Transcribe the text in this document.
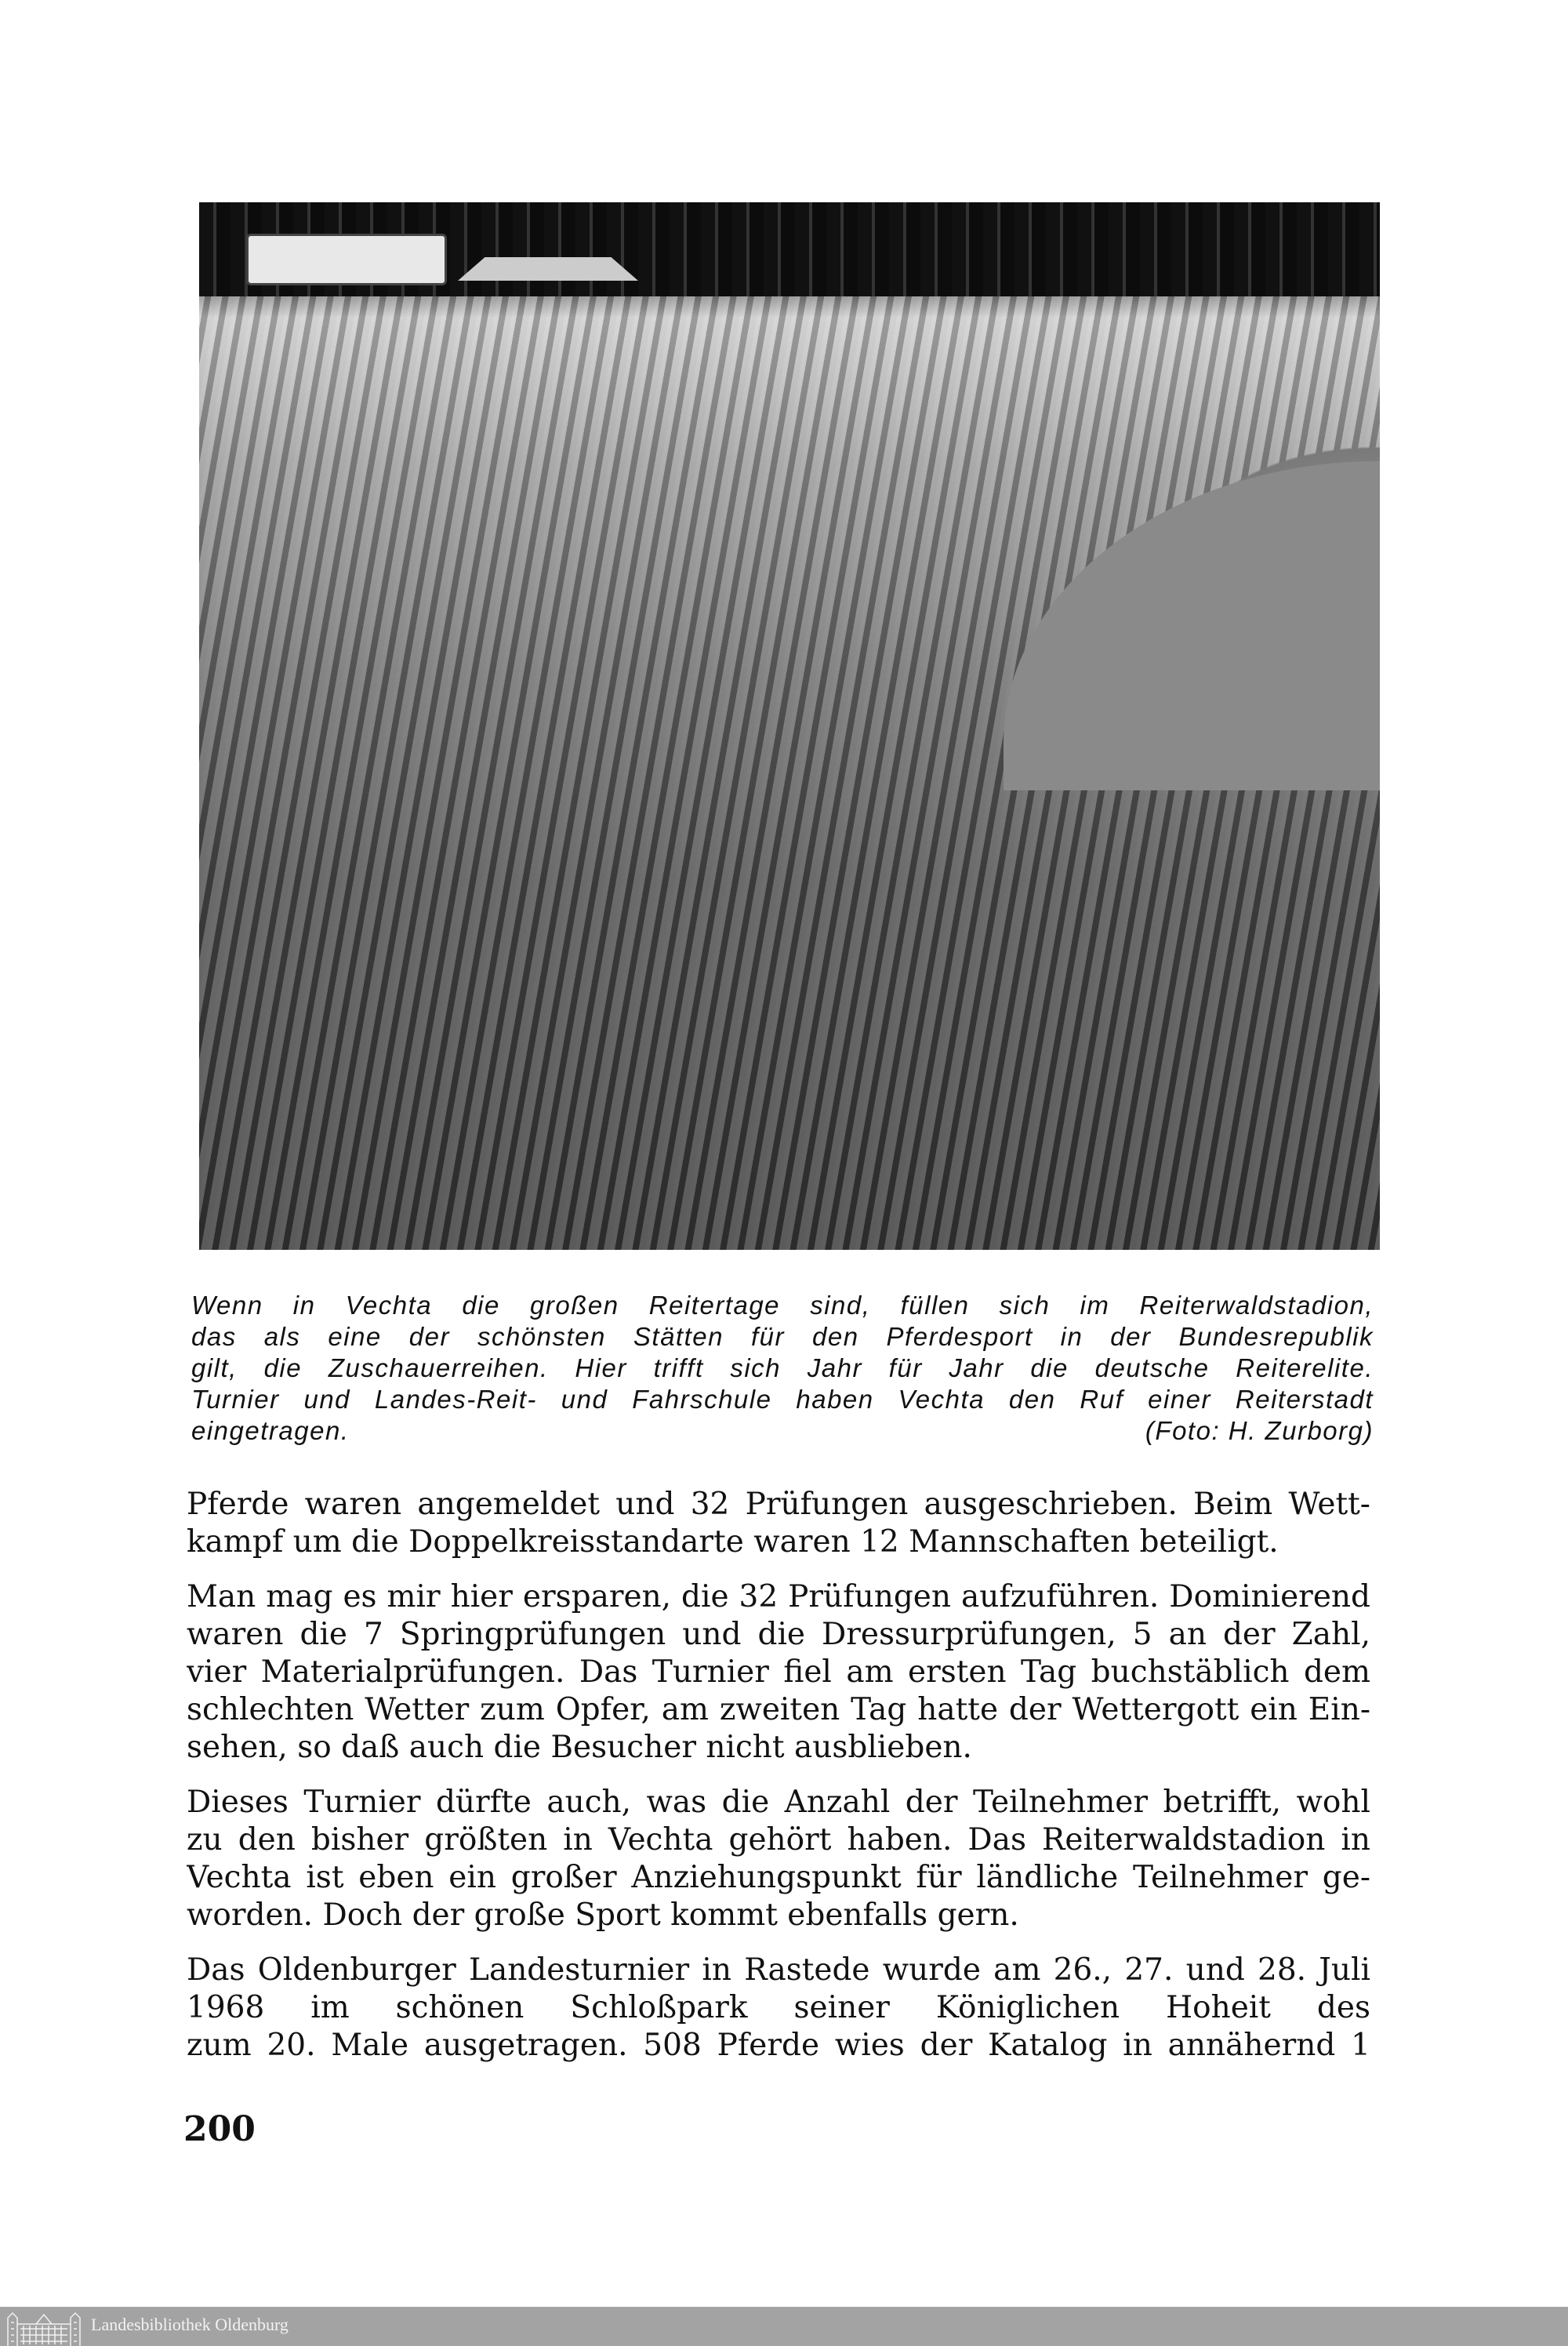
Wenn in Vechta die großen Reitertage sind, füllen sich im Reiterwaldstadion,
das als eine der schönsten Stätten für den Pferdesport in der Bundesrepublik
gilt, die Zuschauerreihen. Hier trifft sich Jahr für Jahr die deutsche Reiterelite.
Turnier und Landes-Reit- und Fahrschule haben Vechta den Ruf einer Reiterstadt
eingetragen.	(Foto: H. Zurborg)
Pferde waren angemeldet und 32 Prüfungen ausgeschrieben. Beim Wett-
kampf um die Doppelkreisstandarte waren 12 Mannschaften beteiligt.
Man mag es mir hier ersparen, die 32 Prüfungen aufzuführen. Dominierend
waren die 7 Springprüfungen und die Dressurprüfungen, 5 an der Zahl,
vier Materialprüfungen. Das Turnier fiel am ersten Tag buchstäblich dem
schlechten Wetter zum Opfer, am zweiten Tag hatte der Wettergott ein Ein-
sehen, so daß auch die Besucher nicht ausblieben.
Dieses Turnier dürfte auch, was die Anzahl der Teilnehmer betrifft, wohl
zu den bisher größten in Vechta gehört haben. Das Reiterwaldstadion in
Vechta ist eben ein großer Anziehungspunkt für ländliche Teilnehmer ge-
worden. Doch der große Sport kommt ebenfalls gern.
Das Oldenburger Landesturnier in Rastede wurde am 26., 27. und 28. Juli
1968 im schönen Schloßpark seiner Königlichen Hoheit des
zum 20. Male ausgetragen. 508 Pferde wies der Katalog in annähernd 1
200
Landesbibliothek Oldenburg
